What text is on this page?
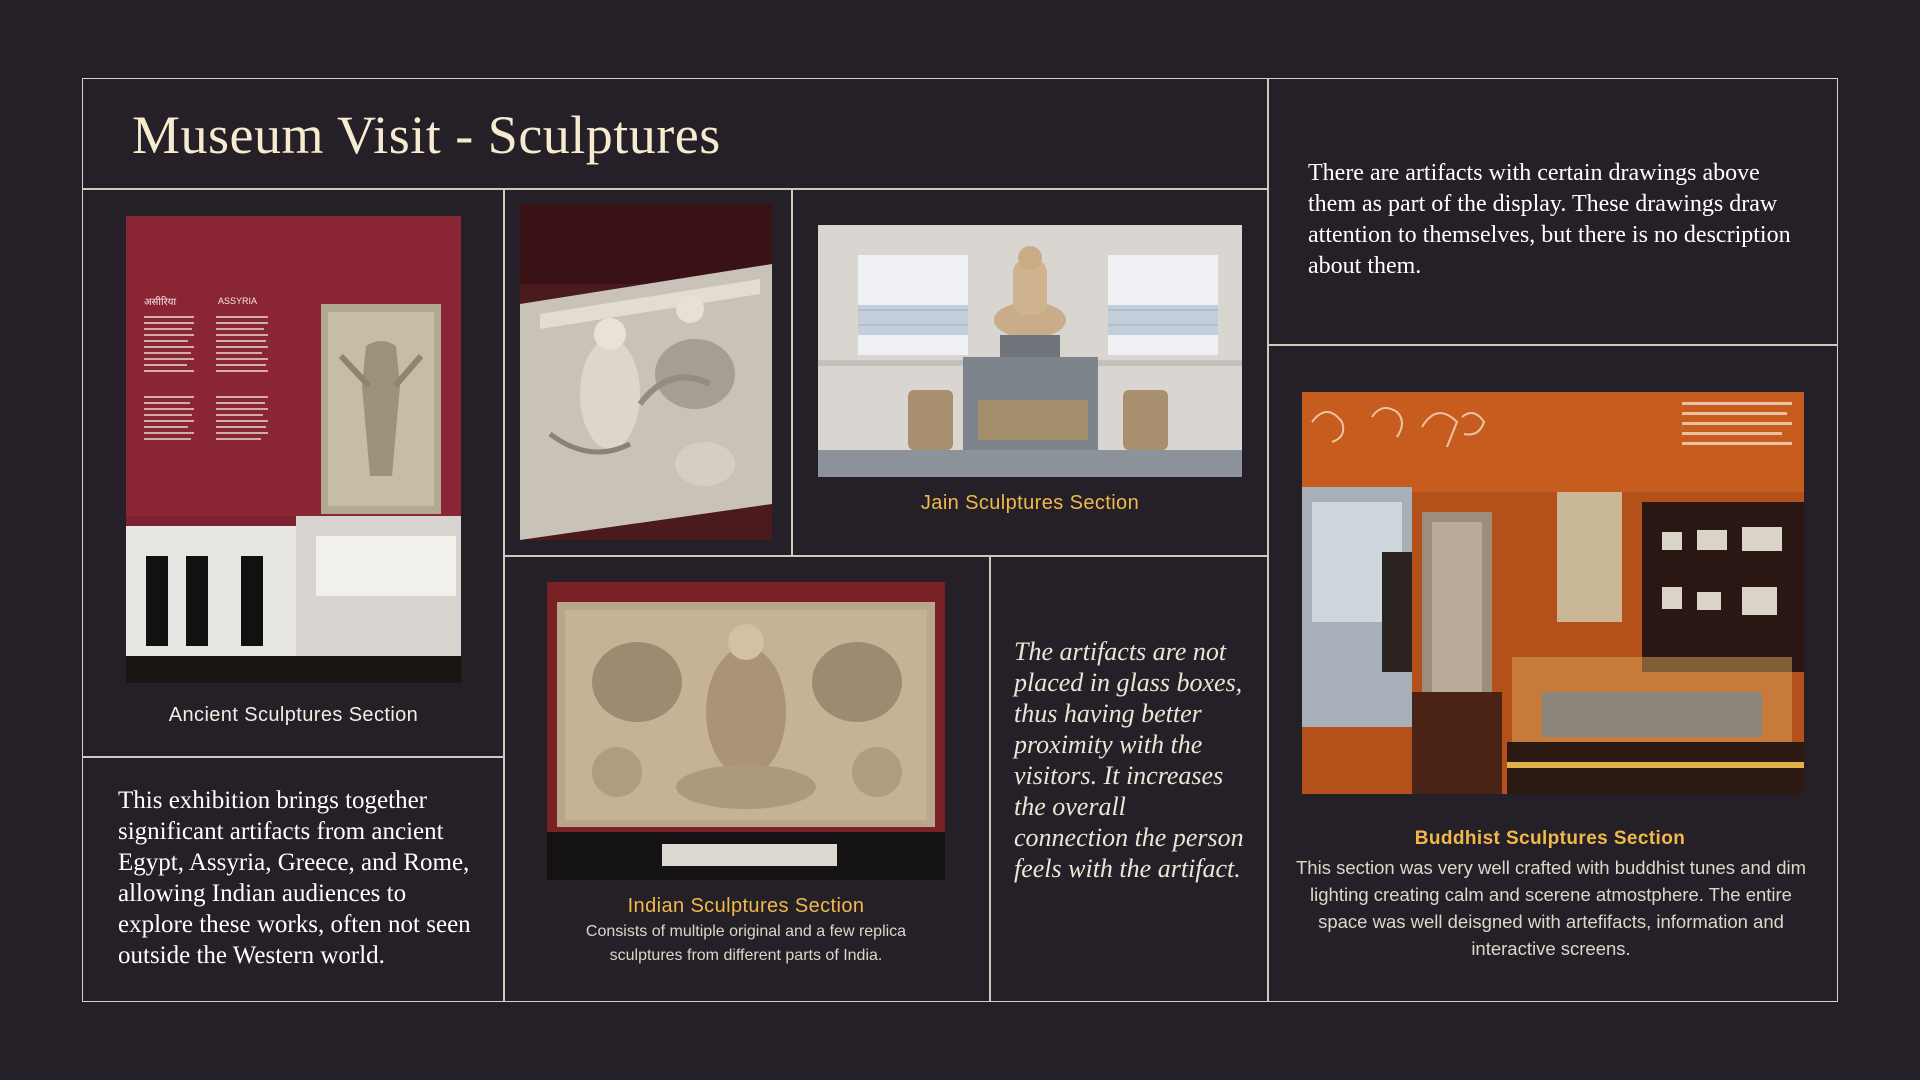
Museum Visit - Sculptures
There are artifacts with certain drawings above them as part of the display. These drawings draw attention to themselves, but there is no description about them.
असीरिया	ASSYRIA
Ancient Sculptures Section
This exhibition brings together significant artifacts from ancient Egypt, Assyria, Greece, and Rome, allowing Indian audiences to explore these works, often not seen outside the Western world.
Jain Sculptures Section
Indian Sculptures Section
Consists of multiple original and a few replica sculptures from different parts of India.
The artifacts are not placed in glass boxes, thus having better proximity with the visitors. It increases the overall connection the person feels with the artifact.
Buddhist Sculptures Section
This section was very well crafted with buddhist tunes and dim lighting creating calm and scerene atmostphere. The entire space was well deisgned with artefifacts, information and interactive screens.
